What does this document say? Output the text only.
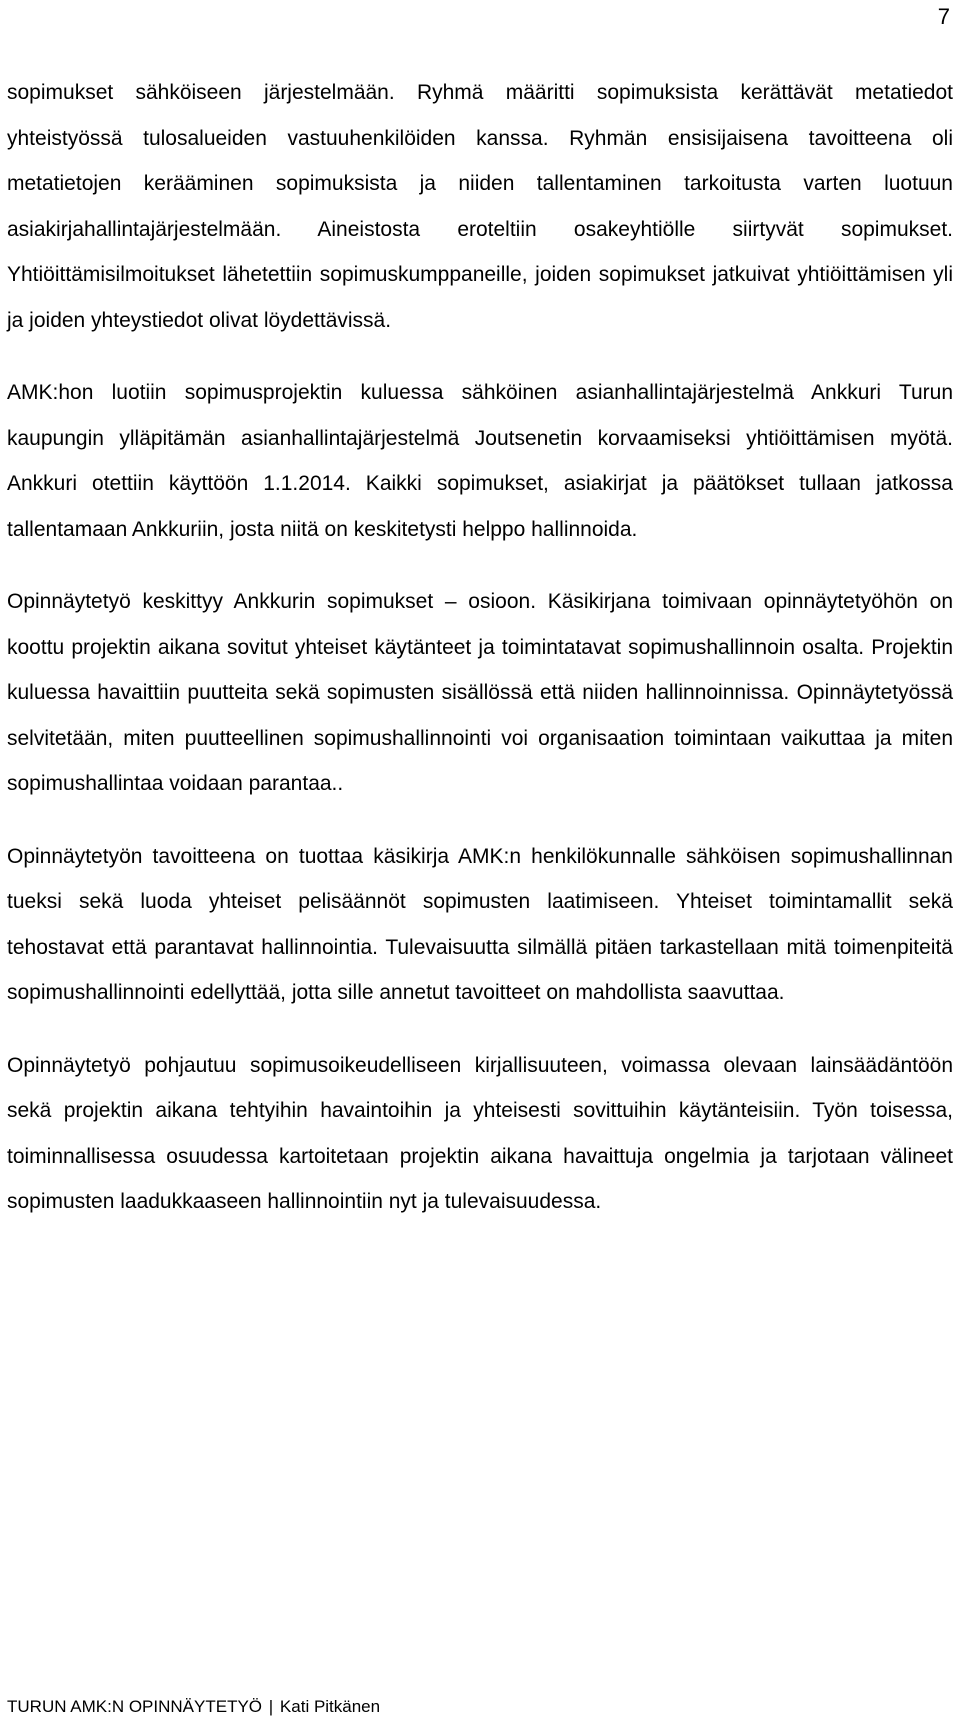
7

sopimukset sähköiseen järjestelmään. Ryhmä määritti sopimuksista kerättävät metatiedot yhteistyössä tulosalueiden vastuuhenkilöiden kanssa. Ryhmän ensisijaisena tavoitteena oli metatietojen kerääminen sopimuksista ja niiden tallentaminen tarkoitusta varten luotuun asiakirjahallintajärjestelmään. Aineistosta eroteltiin osakeyhtiölle siirtyvät sopimukset. Yhtiöittämisilmoitukset lähetettiin sopimuskumppaneille, joiden sopimukset jatkuivat yhtiöittämisen yli ja joiden yhteystiedot olivat löydettävissä.

AMK:hon luotiin sopimusprojektin kuluessa sähköinen asianhallintajärjestelmä Ankkuri Turun kaupungin ylläpitämän asianhallintajärjestelmä Joutsenetin korvaamiseksi yhtiöittämisen myötä. Ankkuri otettiin käyttöön 1.1.2014. Kaikki sopimukset, asiakirjat ja päätökset tullaan jatkossa tallentamaan Ankkuriin, josta niitä on keskitetysti helppo hallinnoida.

Opinnäytetyö keskittyy Ankkurin sopimukset – osioon. Käsikirjana toimivaan opinnäytetyöhön on koottu projektin aikana sovitut yhteiset käytänteet ja toimintatavat sopimushallinnoin osalta. Projektin kuluessa havaittiin puutteita sekä sopimusten sisällössä että niiden hallinnoinnissa. Opinnäytetyössä selvitetään, miten puutteellinen sopimushallinnointi voi organisaation toimintaan vaikuttaa ja miten sopimushallintaa voidaan parantaa..

Opinnäytetyön tavoitteena on tuottaa käsikirja AMK:n henkilökunnalle sähköisen sopimushallinnan tueksi sekä luoda yhteiset pelisäännöt sopimusten laatimiseen. Yhteiset toimintamallit sekä tehostavat että parantavat hallinnointia. Tulevaisuutta silmällä pitäen tarkastellaan mitä toimenpiteitä sopimushallinnointi edellyttää, jotta sille annetut tavoitteet on mahdollista saavuttaa.

Opinnäytetyö pohjautuu sopimusoikeudelliseen kirjallisuuteen, voimassa olevaan lainsäädäntöön sekä projektin aikana tehtyihin havaintoihin ja yhteisesti sovittuihin käytänteisiin. Työn toisessa, toiminnallisessa osuudessa kartoitetaan projektin aikana havaittuja ongelmia ja tarjotaan välineet sopimusten laadukkaaseen hallinnointiin nyt ja tulevaisuudessa.

TURUN AMK:N OPINNÄYTETYÖ | Kati Pitkänen
